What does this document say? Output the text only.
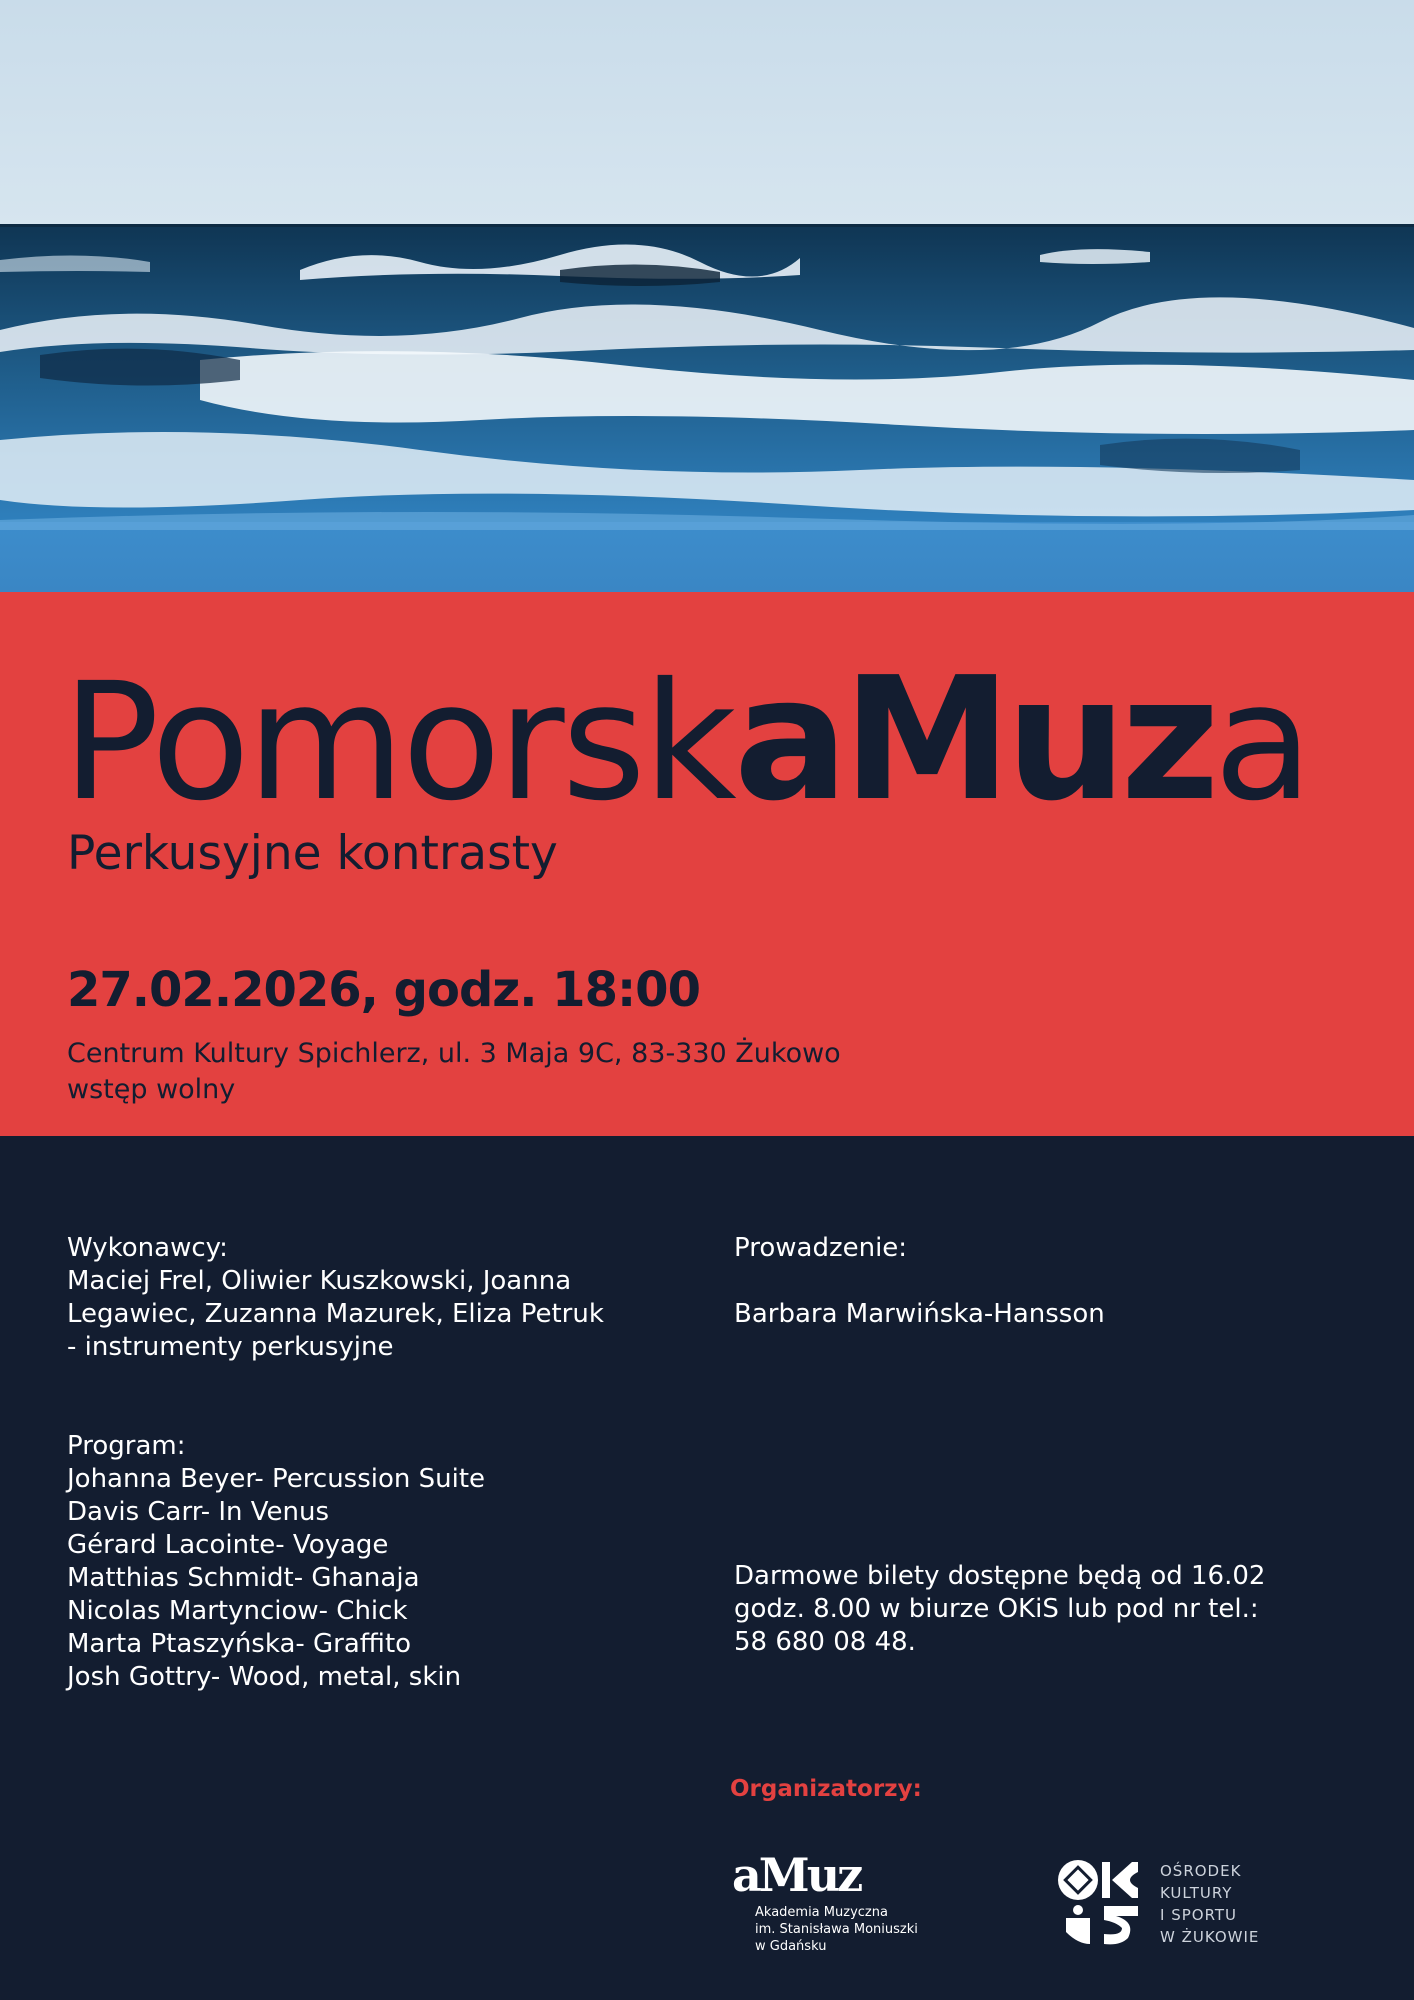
PomorskaMuza
Perkusyjne kontrasty
27.02.2026, godz. 18:00
Centrum Kultury Spichlerz, ul. 3 Maja 9C, 83-330 Żukowo
wstęp wolny
Wykonawcy:
Maciej Frel, Oliwier Kuszkowski, Joanna
Legawiec, Zuzanna Mazurek, Eliza Petruk
- instrumenty perkusyjne
Program:
Johanna Beyer- Percussion Suite
Davis Carr- In Venus
Gérard Lacointe- Voyage
Matthias Schmidt- Ghanaja
Nicolas Martynciow- Chick
Marta Ptaszyńska- Graffito
Josh Gottry- Wood, metal, skin
Prowadzenie:
Barbara Marwińska-Hansson
Darmowe bilety dostępne będą od 16.02
godz. 8.00 w biurze OKiS lub pod nr tel.:
58 680 08 48.
Organizatorzy:
aMuz
Akademia Muzyczna
im. Stanisława Moniuszki
w Gdańsku
OŚRODEK
KULTURY
I SPORTU
W ŻUKOWIE
